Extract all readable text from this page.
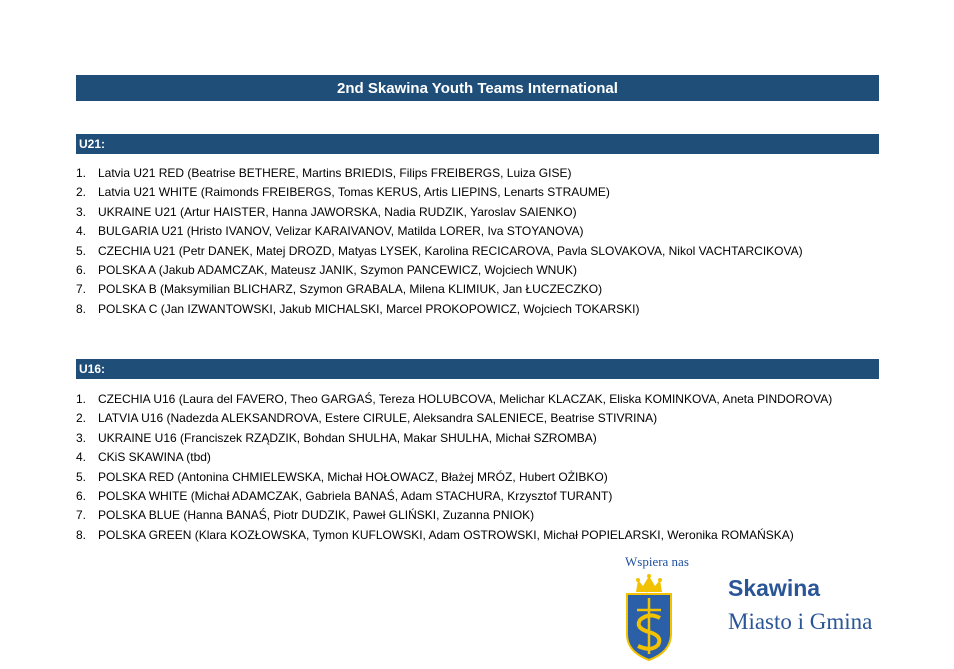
2nd Skawina Youth Teams International
U21:
1. Latvia U21 RED (Beatrise BETHERE, Martins BRIEDIS, Filips FREIBERGS, Luiza GISE)
2. Latvia U21 WHITE (Raimonds FREIBERGS, Tomas KERUS, Artis LIEPINS, Lenarts STRAUME)
3. UKRAINE U21 (Artur HAISTER, Hanna JAWORSKA, Nadia RUDZIK, Yaroslav SAIENKO)
4. BULGARIA U21 (Hristo IVANOV, Velizar KARAIVANOV, Matilda LORER, Iva STOYANOVA)
5. CZECHIA U21 (Petr DANEK, Matej DROZD, Matyas LYSEK, Karolina RECICAROVA, Pavla SLOVAKOVA, Nikol VACHTARCIKOVA)
6. POLSKA A (Jakub ADAMCZAK, Mateusz JANIK, Szymon PANCEWICZ, Wojciech WNUK)
7. POLSKA B (Maksymilian BLICHARZ, Szymon GRABALA, Milena KLIMIUK, Jan ŁUCZECZKO)
8. POLSKA C (Jan IZWANTOWSKI, Jakub MICHALSKI, Marcel PROKOPOWICZ, Wojciech TOKARSKI)
U16:
1. CZECHIA U16 (Laura del FAVERO, Theo GARGAŚ, Tereza HOLUBCOVA, Melichar KLACZAK, Eliska KOMINKOVA, Aneta PINDOROVA)
2. LATVIA U16 (Nadezda ALEKSANDROVA, Estere CIRULE, Aleksandra SALENIECE, Beatrise STIVRINA)
3. UKRAINE U16 (Franciszek RZĄDZIK, Bohdan SHULHA, Makar SHULHA, Michał SZROMBA)
4. CKiS SKAWINA (tbd)
5. POLSKA RED (Antonina CHMIELEWSKA, Michał HOŁOWACZ, Błażej MRÓZ, Hubert OŻIBKO)
6. POLSKA WHITE (Michał ADAMCZAK, Gabriela BANAŚ, Adam STACHURA, Krzysztof TURANT)
7. POLSKA BLUE (Hanna BANAŚ, Piotr DUDZIK, Paweł GLIŃSKI, Zuzanna PNIOK)
8. POLSKA GREEN (Klara KOZŁOWSKA, Tymon KUFLOWSKI, Adam OSTROWSKI, Michał POPIELARSKI, Weronika ROMAŃSKA)
Wspiera nas
Skawina
Miasto i Gmina
